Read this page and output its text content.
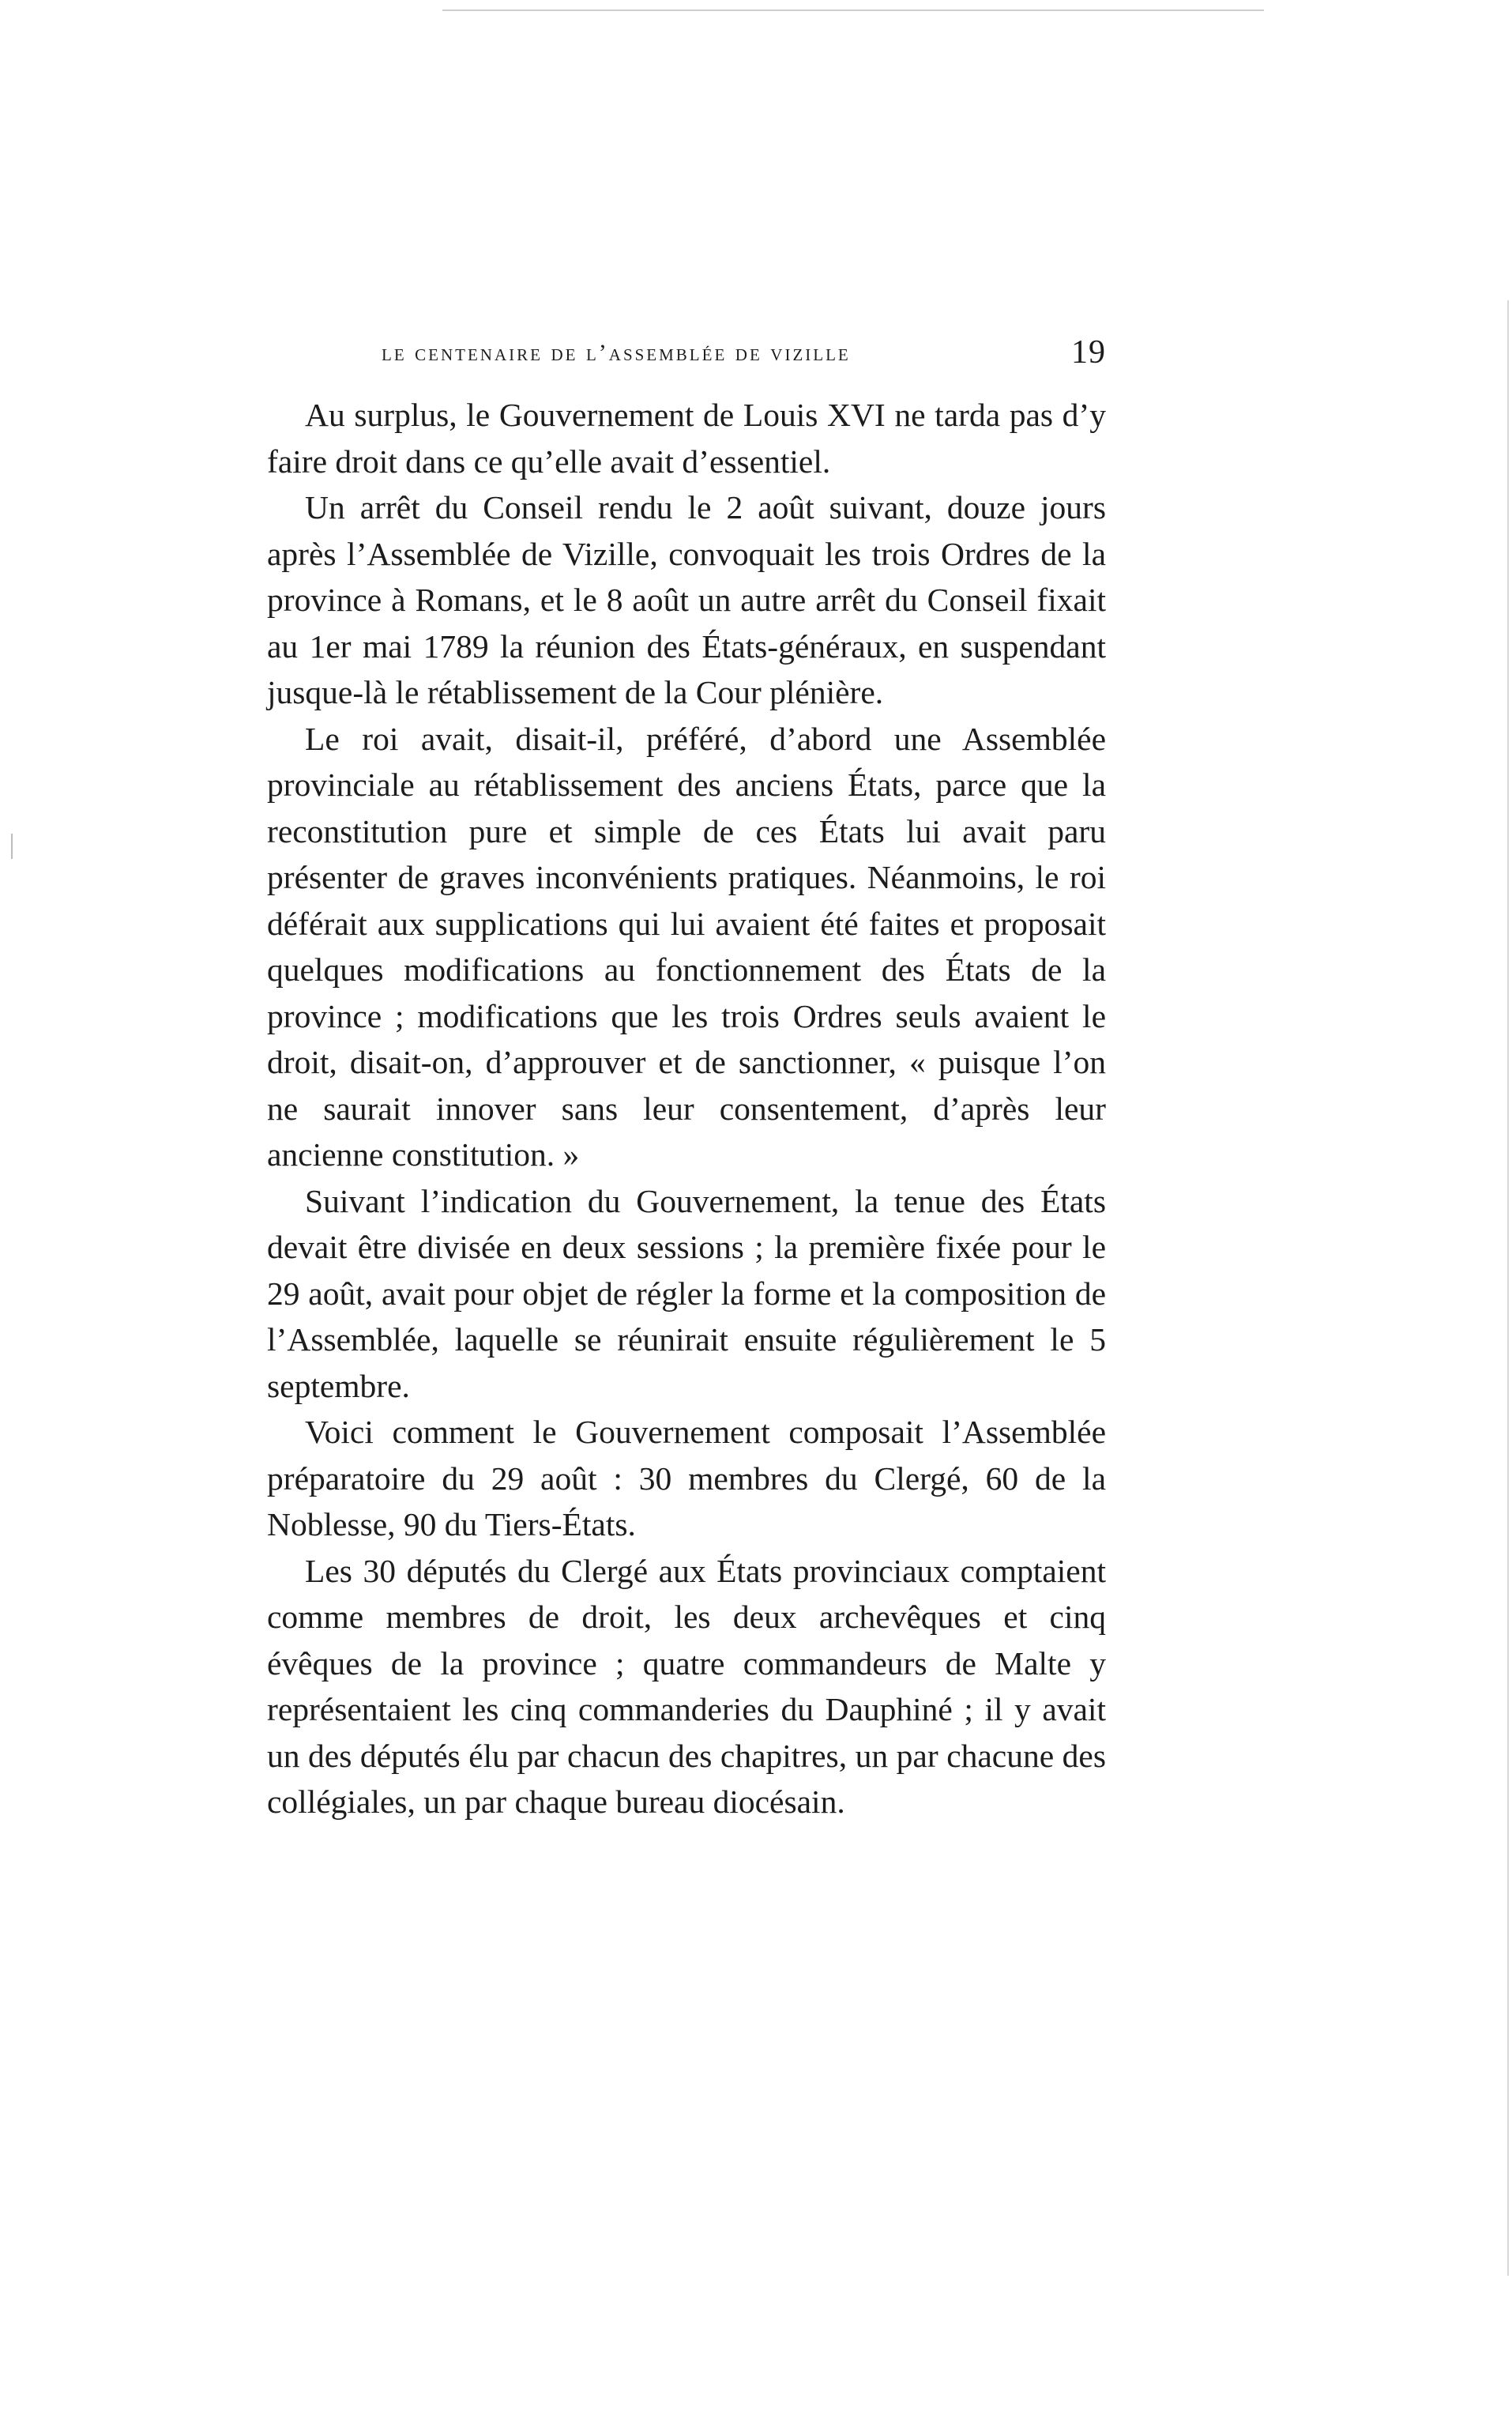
le centenaire de l’assemblée de vizille	19

Au surplus, le Gouvernement de Louis XVI ne tarda pas d’y faire droit dans ce qu’elle avait d’essentiel.

Un arrêt du Conseil rendu le 2 août suivant, douze jours après l’Assemblée de Vizille, convoquait les trois Ordres de la province à Romans, et le 8 août un autre arrêt du Conseil fixait au 1er mai 1789 la réunion des États-généraux, en suspendant jusque-là le rétablissement de la Cour plénière.

Le roi avait, disait-il, préféré, d’abord une Assemblée provinciale au rétablissement des anciens États, parce que la reconstitution pure et simple de ces États lui avait paru présenter de graves inconvénients pratiques. Néanmoins, le roi déférait aux supplications qui lui avaient été faites et proposait quelques modifications au fonctionnement des États de la province ; modifications que les trois Ordres seuls avaient le droit, disait-on, d’approuver et de sanctionner, « puisque l’on ne saurait innover sans leur consentement, d’après leur ancienne constitution. »

Suivant l’indication du Gouvernement, la tenue des États devait être divisée en deux sessions ; la première fixée pour le 29 août, avait pour objet de régler la forme et la composition de l’Assemblée, laquelle se réunirait ensuite régulièrement le 5 septembre.

Voici comment le Gouvernement composait l’Assemblée préparatoire du 29 août : 30 membres du Clergé, 60 de la Noblesse, 90 du Tiers-États.

Les 30 députés du Clergé aux États provinciaux comptaient comme membres de droit, les deux archevêques et cinq évêques de la province ; quatre commandeurs de Malte y représentaient les cinq commanderies du Dauphiné ; il y avait un des députés élu par chacun des chapitres, un par chacune des collégiales, un par chaque bureau diocésain.
